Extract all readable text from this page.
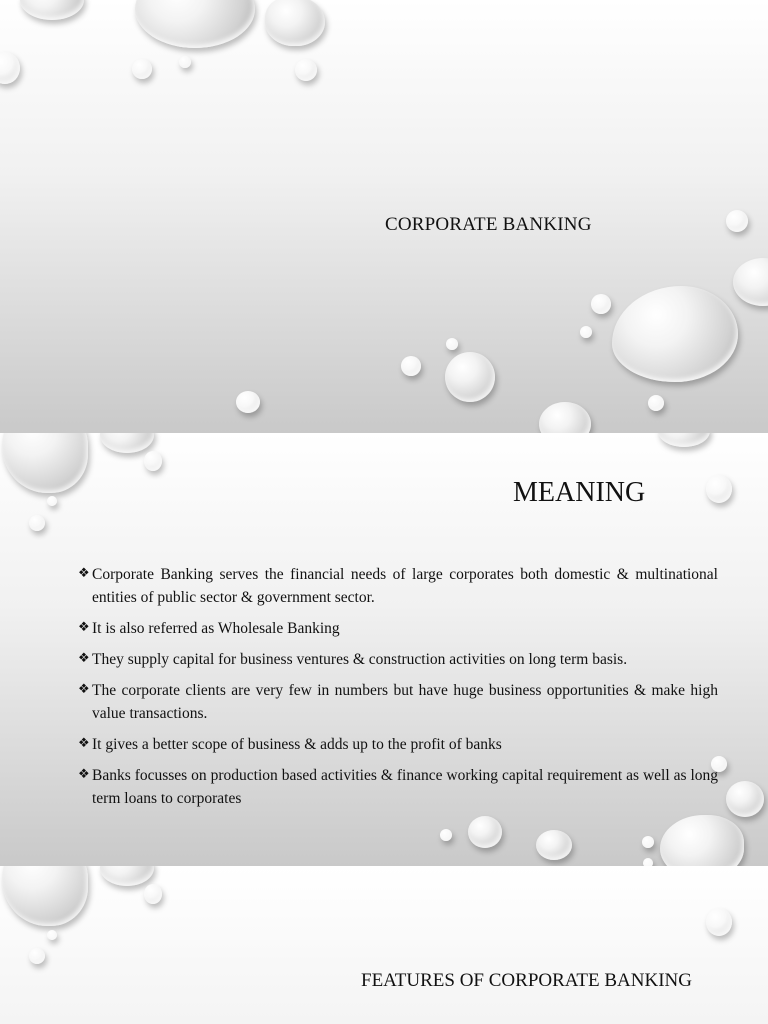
CORPORATE BANKING
MEANING
❖ Corporate Banking serves the financial needs of large corporates both domestic & multinational entities of public sector & government sector.
❖ It is also referred as Wholesale Banking
❖ They supply capital for business ventures & construction activities on long term basis.
❖ The corporate clients are very few in numbers but have huge business opportunities & make high value transactions.
❖ It gives a better scope of business & adds up to the profit of banks
❖ Banks focusses on production based activities & finance working capital requirement as well as long term loans to corporates
FEATURES OF CORPORATE BANKING
